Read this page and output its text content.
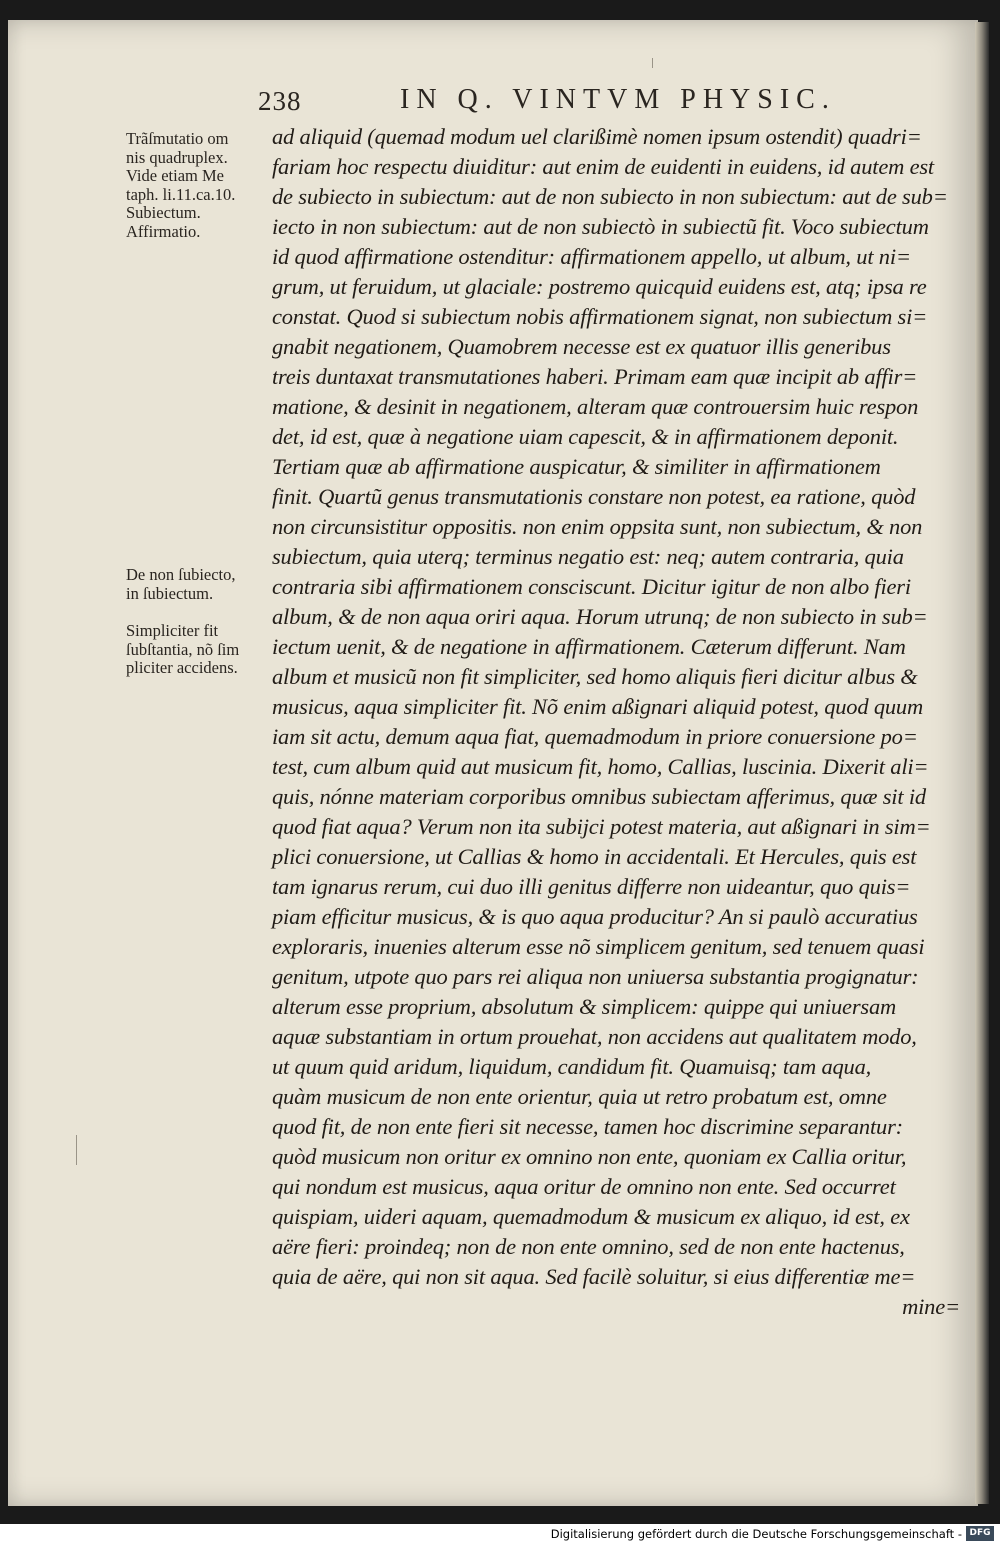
238	IN Q. VINTVM PHYSIC.
Trãſmutatio om
nis quadruplex.
Vide etiam Me
taph. li.11.ca.10.
Subiectum.
Affirmatio.
De non ſubiecto,
in ſubiectum.
Simpliciter fit
ſubſtantia, nõ ſim
pliciter accidens.
ad aliquid (quemad modum uel clarißimè nomen ipsum ostendit) quadri=
fariam hoc respectu diuiditur: aut enim de euidenti in euidens, id autem est
de subiecto in subiectum: aut de non subiecto in non subiectum: aut de sub=
iecto in non subiectum: aut de non subiectò in subiectũ fit. Voco subiectum
id quod affirmatione ostenditur: affirmationem appello, ut album, ut ni=
grum, ut feruidum, ut glaciale: postremo quicquid euidens est, atq; ipsa re
constat. Quod si subiectum nobis affirmationem signat, non subiectum si=
gnabit negationem, Quamobrem necesse est ex quatuor illis generibus
treis duntaxat transmutationes haberi. Primam eam quæ incipit ab affir=
matione, & desinit in negationem, alteram quæ controuersim huic respon
det, id est, quæ à negatione uiam capescit, & in affirmationem deponit.
Tertiam quæ ab affirmatione auspicatur, & similiter in affirmationem
finit. Quartũ genus transmutationis constare non potest, ea ratione, quòd
non circunsistitur oppositis. non enim oppsita sunt, non subiectum, & non
subiectum, quia uterq; terminus negatio est: neq; autem contraria, quia
contraria sibi affirmationem consciscunt. Dicitur igitur de non albo fieri
album, & de non aqua oriri aqua. Horum utrunq; de non subiecto in sub=
iectum uenit, & de negatione in affirmationem. Cæterum differunt. Nam
album et musicũ non fit simpliciter, sed homo aliquis fieri dicitur albus &
musicus, aqua simpliciter fit. Nõ enim aßignari aliquid potest, quod quum
iam sit actu, demum aqua fiat, quemadmodum in priore conuersione po=
test, cum album quid aut musicum fit, homo, Callias, luscinia. Dixerit ali=
quis, nónne materiam corporibus omnibus subiectam afferimus, quæ sit id
quod fiat aqua? Verum non ita subijci potest materia, aut aßignari in sim=
plici conuersione, ut Callias & homo in accidentali. Et Hercules, quis est
tam ignarus rerum, cui duo illi genitus differre non uideantur, quo quis=
piam efficitur musicus, & is quo aqua producitur? An si paulò accuratius
exploraris, inuenies alterum esse nõ simplicem genitum, sed tenuem quasi
genitum, utpote quo pars rei aliqua non uniuersa substantia progignatur:
alterum esse proprium, absolutum & simplicem: quippe qui uniuersam
aquæ substantiam in ortum prouehat, non accidens aut qualitatem modo,
ut quum quid aridum, liquidum, candidum fit. Quamuisq; tam aqua,
quàm musicum de non ente orientur, quia ut retro probatum est, omne
quod fit, de non ente fieri sit necesse, tamen hoc discrimine separantur:
quòd musicum non oritur ex omnino non ente, quoniam ex Callia oritur,
qui nondum est musicus, aqua oritur de omnino non ente. Sed occurret
quispiam, uideri aquam, quemadmodum & musicum ex aliquo, id est, ex
aëre fieri: proindeq; non de non ente omnino, sed de non ente hactenus,
quia de aëre, qui non sit aqua. Sed facilè soluitur, si eius differentiæ me=
mine=
Digitalisierung gefördert durch die Deutsche Forschungsgemeinschaft - DFG
